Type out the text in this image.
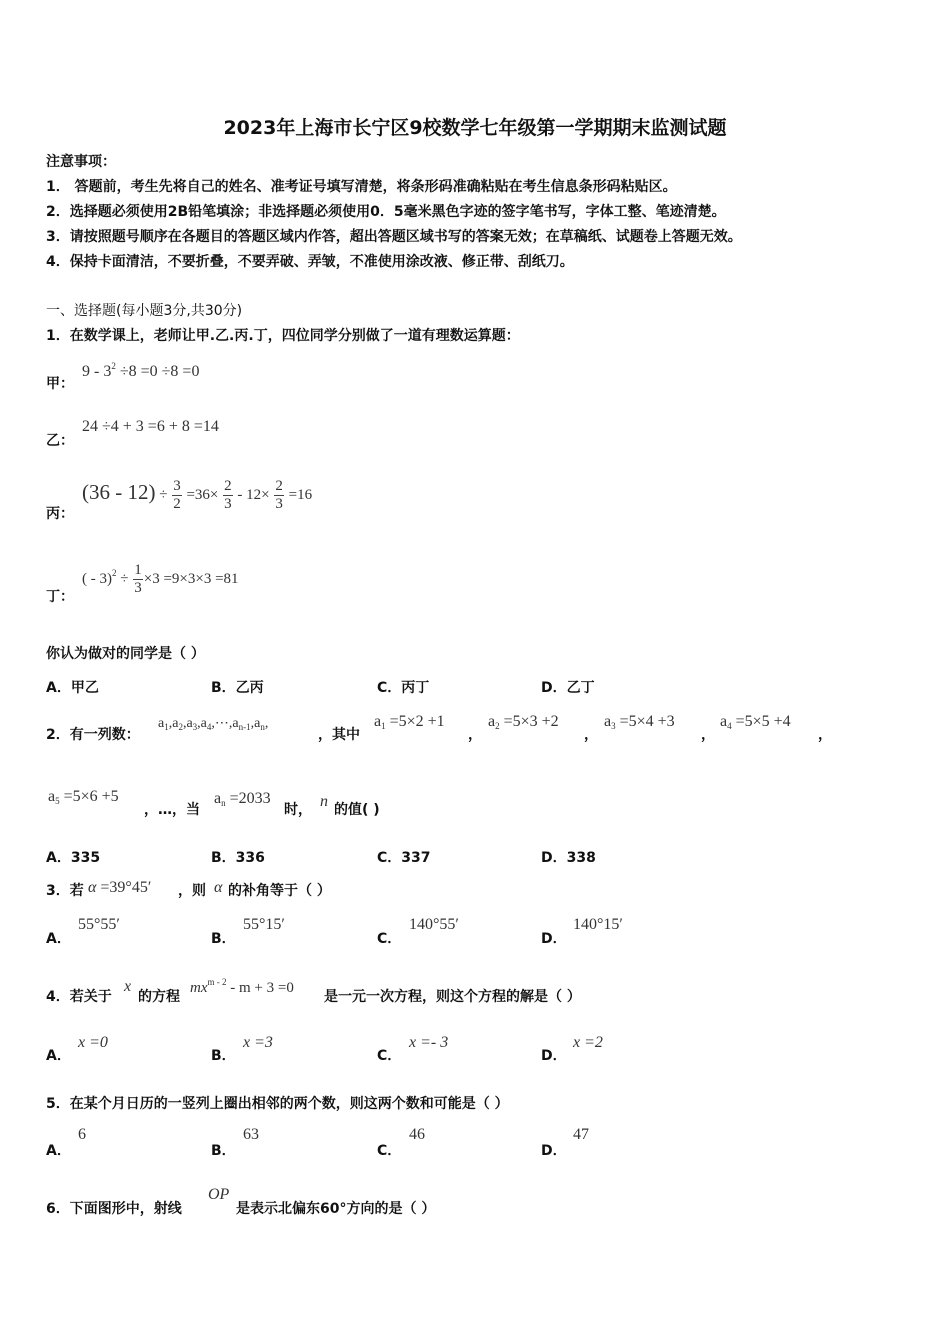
2023年上海市长宁区9校数学七年级第一学期期末监测试题
注意事项：
1． 答题前，考生先将自己的姓名、准考证号填写清楚，将条形码准确粘贴在考生信息条形码粘贴区。
2．选择题必须使用2B铅笔填涂；非选择题必须使用0．5毫米黑色字迹的签字笔书写，字体工整、笔迹清楚。
3．请按照题号顺序在各题目的答题区域内作答，超出答题区域书写的答案无效；在草稿纸、试题卷上答题无效。
4．保持卡面清洁，不要折叠，不要弄破、弄皱，不准使用涂改液、修正带、刮纸刀。
一、选择题(每小题3分,共30分)
1．在数学课上，老师让甲.乙.丙.丁，四位同学分别做了一道有理数运算题：
甲：
$9 - 3^2 \div 8 =0 \div 8 =0$
乙：
24 ÷4 + 3 =6 + 8 =14
丙：
$(36 - 12) \div \frac{3}{2} =36\times \frac{2}{3} - 12\times \frac{2}{3} =16$
丁：
( - $3)^2 \div \frac{1}{3} \times 3 =9\times 3\times 3 =81$
你认为做对的同学是（ ）
A．甲乙	B．乙丙	C．丙丁	D．乙丁
2．有一列数：
$a_1,a_2,a_3,a_4,\cdots,a_{n-1},a_n$,
，其中
$a_1 =5\times 2 +1$
，
$a_2 =5\times 3 +2$
，
$a_3 =5\times 4 +3$
，
$a_4 =5\times 5 +4$
，
$a_5 =5\times 6 +5$
，…，当
$a_n =2033$
时， n 的值( )
A．335	B．336	C．337	D．338
3．若 α =39°45′ ，则 α 的补角等于（ ）
A．
55°55′
B．
55°15′
C．
140°55′
D．
140°15′
4．若关于
x
的方程
$mx^{m - 2} - m + 3 =0$
是一元一次方程，则这个方程的解是（ ）
A．
x =0
B．
x =3
C．
x =- 3
D．
x =2
5．在某个月日历的一竖列上圈出相邻的两个数，则这两个数和可能是（ ）
A．
6
B．
63
C．
46
D．
47
6．下面图形中，射线
OP
是表示北偏东60°方向的是（ ）
